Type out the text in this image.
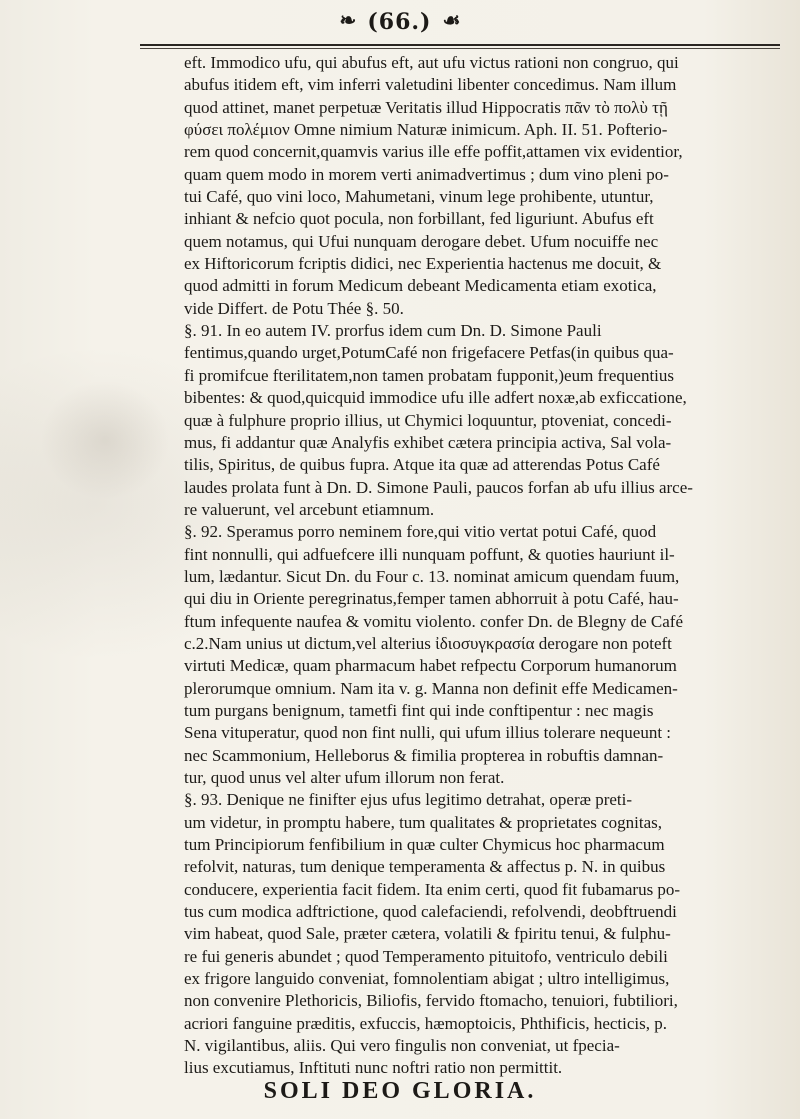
❧ (66.) ☙
eft. Immodico ufu, qui abufus eft, aut ufu victus rationi non congruo, qui
abufus itidem eft, vim inferri valetudini libenter concedimus. Nam illum
quod attinet, manet perpetuæ Veritatis illud Hippocratis πᾶν τὸ πολὺ τῇ
φύσει πολέμιον Omne nimium Naturæ inimicum. Aph. II. 51. Pofterio-
rem quod concernit,quamvis varius ille effe poffit,attamen vix evidentior,
quam quem modo in morem verti animadvertimus ; dum vino pleni po-
tui Café, quo vini loco, Mahumetani, vinum lege prohibente, utuntur,
inhiant & nefcio quot pocula, non forbillant, fed liguriunt. Abufus eft
quem notamus, qui Ufui nunquam derogare debet. Ufum nocuiffe nec
ex Hiftoricorum fcriptis didici, nec Experientia hactenus me docuit, &
quod admitti in forum Medicum debeant Medicamenta etiam exotica,
vide Differt. de Potu Thée §. 50.
§. 91. In eo autem IV. prorfus idem cum Dn. D. Simone Pauli
fentimus,quando urget,PotumCafé non frigefacere Petfas(in quibus qua-
fi promifcue fterilitatem,non tamen probatam fupponit,)eum frequentius
bibentes: & quod,quicquid immodice ufu ille adfert noxæ,ab exficcatione,
quæ à fulphure proprio illius, ut Chymici loquuntur, ptoveniat, concedi-
mus, fi addantur quæ Analyfis exhibet cætera principia activa, Sal vola-
tilis, Spiritus, de quibus fupra. Atque ita quæ ad atterendas Potus Café
laudes prolata funt à Dn. D. Simone Pauli, paucos forfan ab ufu illius arce-
re valuerunt, vel arcebunt etiamnum.
§. 92. Speramus porro neminem fore,qui vitio vertat potui Café, quod
fint nonnulli, qui adfuefcere illi nunquam poffunt, & quoties hauriunt il-
lum, lædantur. Sicut Dn. du Four c. 13. nominat amicum quendam fuum,
qui diu in Oriente peregrinatus,femper tamen abhorruit à potu Café, hau-
ftum infequente naufea & vomitu violento. confer Dn. de Blegny de Café
c.2.Nam unius ut dictum,vel alterius ἰδιοσυγκρασία derogare non poteft
virtuti Medicæ, quam pharmacum habet refpectu Corporum humanorum
plerorumque omnium. Nam ita v. g. Manna non definit effe Medicamen-
tum purgans benignum, tametfi fint qui inde conftipentur : nec magis
Sena vituperatur, quod non fint nulli, qui ufum illius tolerare nequeunt :
nec Scammonium, Helleborus & fimilia propterea in robuftis damnan-
tur, quod unus vel alter ufum illorum non ferat.
§. 93. Denique ne finifter ejus ufus legitimo detrahat, operæ preti-
um videtur, in promptu habere, tum qualitates & proprietates cognitas,
tum Principiorum fenfibilium in quæ culter Chymicus hoc pharmacum
refolvit, naturas, tum denique temperamenta & affectus p. N. in quibus
conducere, experientia facit fidem. Ita enim certi, quod fit fubamarus po-
tus cum modica adftrictione, quod calefaciendi, refolvendi, deobftruendi
vim habeat, quod Sale, præter cætera, volatili & fpiritu tenui, & fulphu-
re fui generis abundet ; quod Temperamento pituitofo, ventriculo debili
ex frigore languido conveniat, fomnolentiam abigat ; ultro intelligimus,
non convenire Plethoricis, Biliofis, fervido ftomacho, tenuiori, fubtiliori,
acriori fanguine præditis, exfuccis, hæmoptoicis, Phthificis, hecticis, p.
N. vigilantibus, aliis. Qui vero fingulis non conveniat, ut fpecia-
lius excutiamus, Inftituti nunc noftri ratio non permittit.
SOLI DEO GLORIA.
